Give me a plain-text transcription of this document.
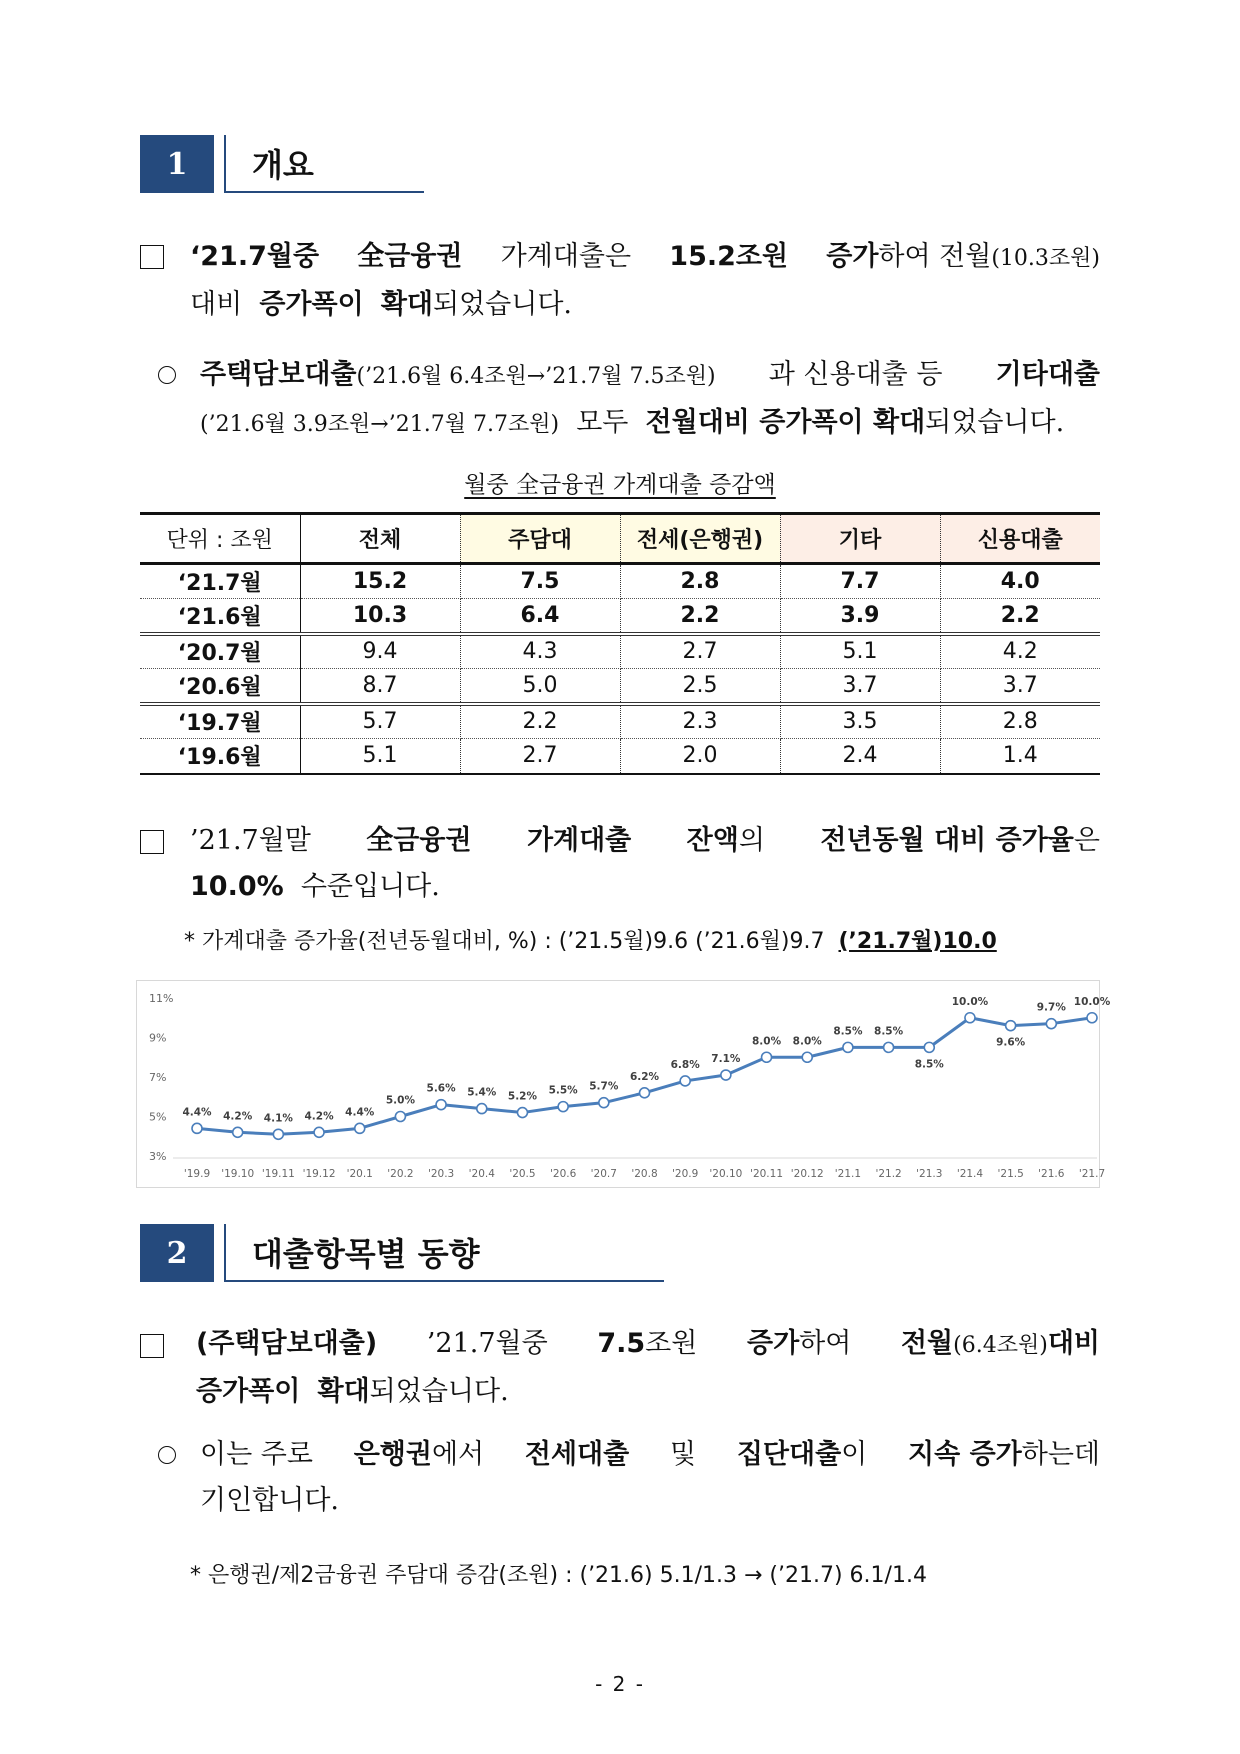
1	개요
‘21.7월중 全금융권 가계대출은 15.2조원 증가하여 전월(10.3조원)
대비 증가폭이 확대되었습니다.
주택담보대출(’21.6월 6.4조원→’21.7월 7.5조원) 과 신용대출 등 기타대출
(’21.6월 3.9조원→’21.7월 7.7조원) 모두 전월대비 증가폭이 확대되었습니다.
월중 全금융권 가계대출 증감액
단위 : 조원	전체	주담대	전세(은행권)	기타	신용대출
‘21.7월	15.2	7.5	2.8	7.7	4.0
‘21.6월	10.3	6.4	2.2	3.9	2.2
‘20.7월	9.4	4.3	2.7	5.1	4.2
‘20.6월	8.7	5.0	2.5	3.7	3.7
‘19.7월	5.7	2.2	2.3	3.5	2.8
‘19.6월	5.1	2.7	2.0	2.4	1.4
’21.7월말 全금융권 가계대출 잔액의 전년동월 대비 증가율은
10.0% 수준입니다.
* 가계대출 증가율(전년동월대비, %) : (’21.5월)9.6 (’21.6월)9.7 (’21.7월)10.0
11%
9%
7%
5%
3%
4.4%
'19.9
4.2%
'19.10
4.1%
'19.11
4.2%
'19.12
4.4%
'20.1
5.0%
'20.2
5.6%
'20.3
5.4%
'20.4
5.2%
'20.5
5.5%
'20.6
5.7%
'20.7
6.2%
'20.8
6.8%
'20.9
7.1%
'20.10
8.0%
'20.11
8.0%
'20.12
8.5%
'21.1
8.5%
'21.2
8.5%
'21.3
10.0%
'21.4
9.6%
'21.5
9.7%
'21.6
10.0%
'21.7
2	대출항목별 동향
(주택담보대출) ’21.7월중 7.5조원 증가하여 전월(6.4조원)대비
증가폭이 확대되었습니다.
이는 주로 은행권에서 전세대출 및 집단대출이 지속 증가하는데
기인합니다.
* 은행권/제2금융권 주담대 증감(조원) : (’21.6) 5.1/1.3 → (’21.7) 6.1/1.4
- 2 -
